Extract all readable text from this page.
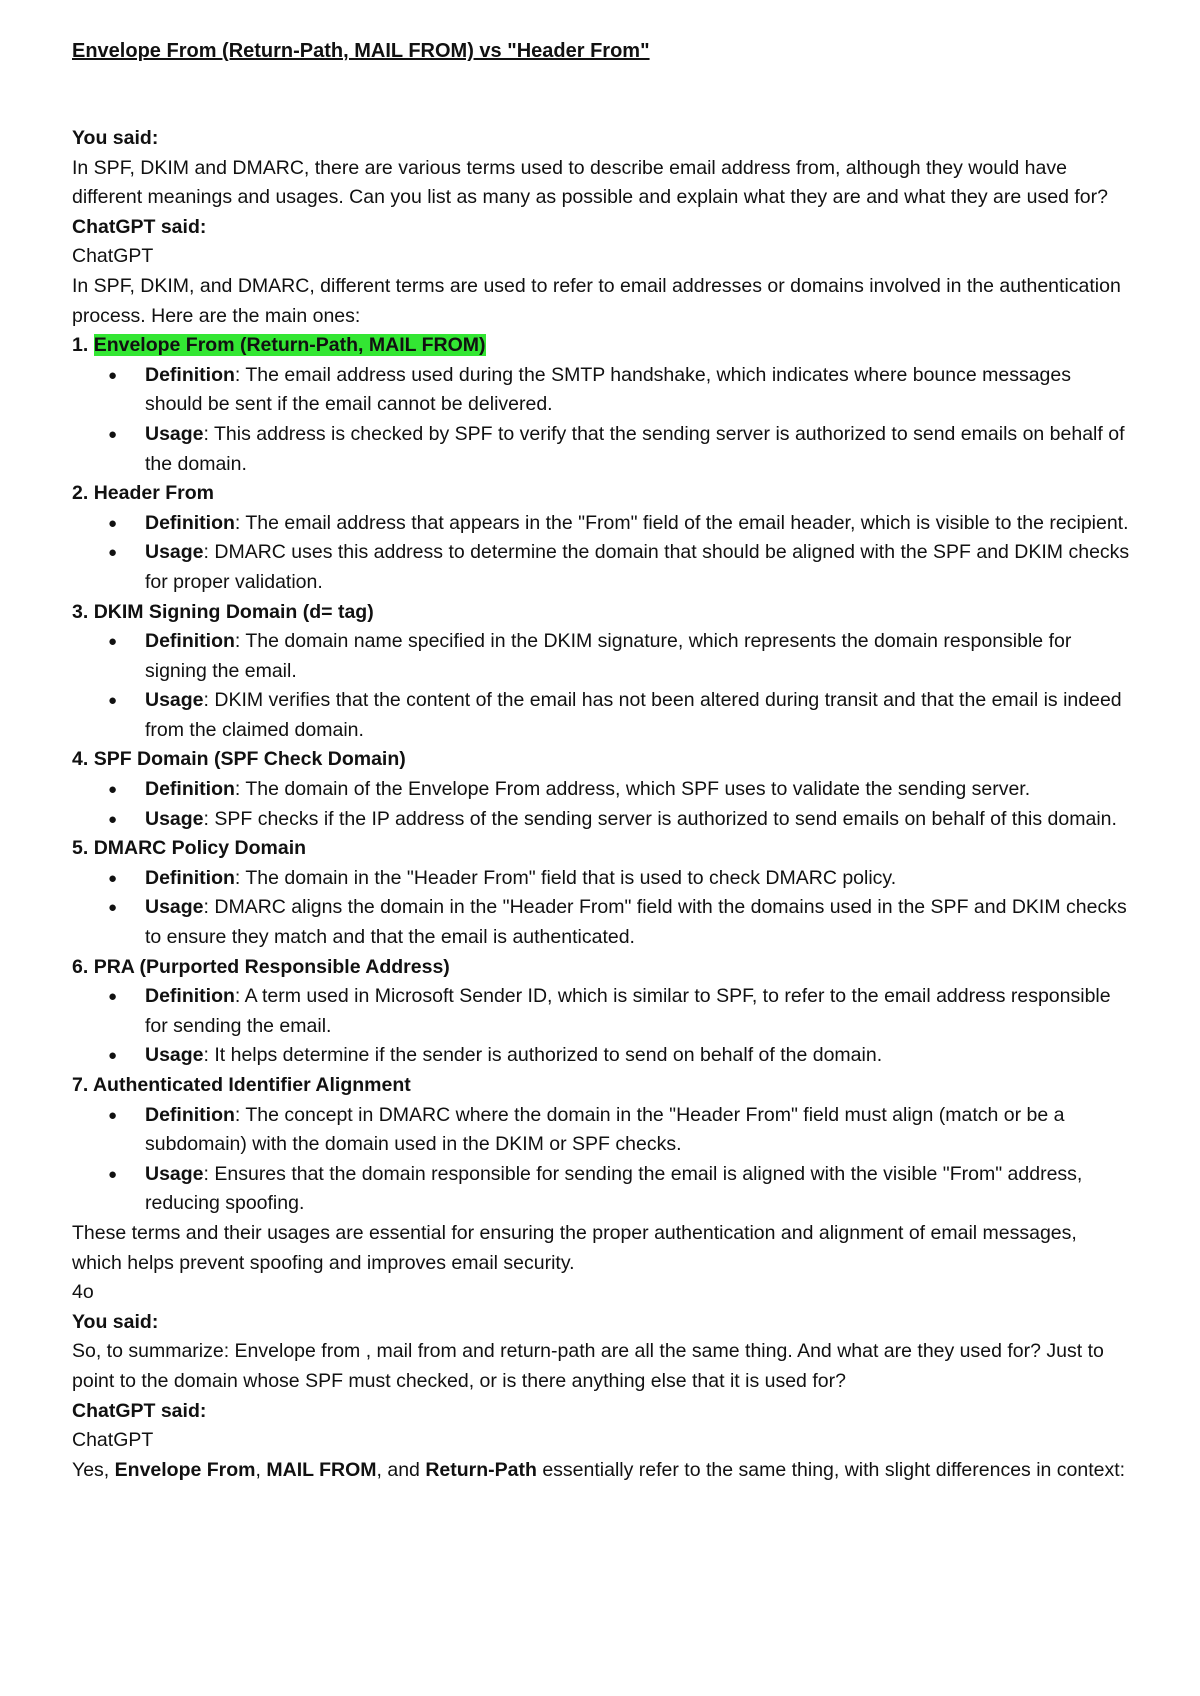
Envelope From (Return-Path, MAIL FROM) vs "Header From"

You said:

In SPF, DKIM and DMARC, there are various terms used to describe email address from, although they would have different meanings and usages. Can you list as many as possible and explain what they are and what they are used for?

ChatGPT said:

ChatGPT

In SPF, DKIM, and DMARC, different terms are used to refer to email addresses or domains involved in the authentication process. Here are the main ones:

1. Envelope From (Return-Path, MAIL FROM)

● Definition: The email address used during the SMTP handshake, which indicates where bounce messages should be sent if the email cannot be delivered.
● Usage: This address is checked by SPF to verify that the sending server is authorized to send emails on behalf of the domain.

2. Header From

● Definition: The email address that appears in the "From" field of the email header, which is visible to the recipient.
● Usage: DMARC uses this address to determine the domain that should be aligned with the SPF and DKIM checks for proper validation.

3. DKIM Signing Domain (d= tag)

● Definition: The domain name specified in the DKIM signature, which represents the domain responsible for signing the email.
● Usage: DKIM verifies that the content of the email has not been altered during transit and that the email is indeed from the claimed domain.

4. SPF Domain (SPF Check Domain)

● Definition: The domain of the Envelope From address, which SPF uses to validate the sending server.
● Usage: SPF checks if the IP address of the sending server is authorized to send emails on behalf of this domain.

5. DMARC Policy Domain

● Definition: The domain in the "Header From" field that is used to check DMARC policy.
● Usage: DMARC aligns the domain in the "Header From" field with the domains used in the SPF and DKIM checks to ensure they match and that the email is authenticated.

6. PRA (Purported Responsible Address)

● Definition: A term used in Microsoft Sender ID, which is similar to SPF, to refer to the email address responsible for sending the email.
● Usage: It helps determine if the sender is authorized to send on behalf of the domain.

7. Authenticated Identifier Alignment

● Definition: The concept in DMARC where the domain in the "Header From" field must align (match or be a subdomain) with the domain used in the DKIM or SPF checks.
● Usage: Ensures that the domain responsible for sending the email is aligned with the visible "From" address, reducing spoofing.

These terms and their usages are essential for ensuring the proper authentication and alignment of email messages, which helps prevent spoofing and improves email security.

4o

You said:

So, to summarize: Envelope from , mail from and return-path are all the same thing. And what are they used for? Just to point to the domain whose SPF must checked, or is there anything else that it is used for?

ChatGPT said:

ChatGPT

Yes, Envelope From, MAIL FROM, and Return-Path essentially refer to the same thing, with slight differences in context:
